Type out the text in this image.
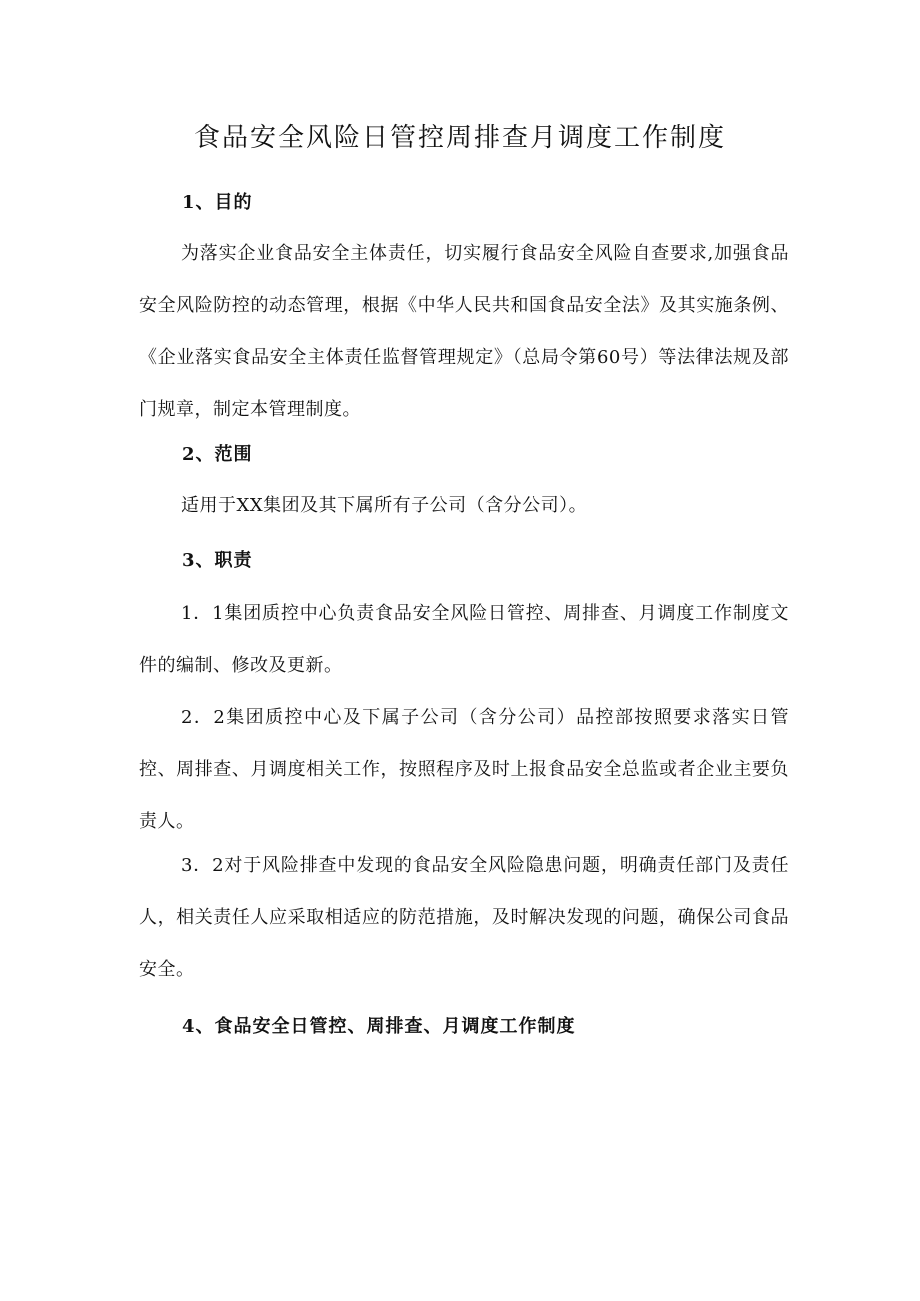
食品安全风险日管控周排查月调度工作制度
1、目的

为落实企业食品安全主体责任，切实履行食品安全风险自查要求,加强食品安全风险防控的动态管理，根据《中华人民共和国食品安全法》及其实施条例、《企业落实食品安全主体责任监督管理规定》（总局令第60号）等法律法规及部门规章，制定本管理制度。

2、范围

适用于XX集团及其下属所有子公司（含分公司）。

3、职责

1．1集团质控中心负责食品安全风险日管控、周排查、月调度工作制度文件的编制、修改及更新。

2．2集团质控中心及下属子公司（含分公司）品控部按照要求落实日管控、周排查、月调度相关工作，按照程序及时上报食品安全总监或者企业主要负责人。

3．2对于风险排查中发现的食品安全风险隐患问题，明确责任部门及责任人，相关责任人应采取相适应的防范措施，及时解决发现的问题，确保公司食品安全。

4、食品安全日管控、周排查、月调度工作制度
